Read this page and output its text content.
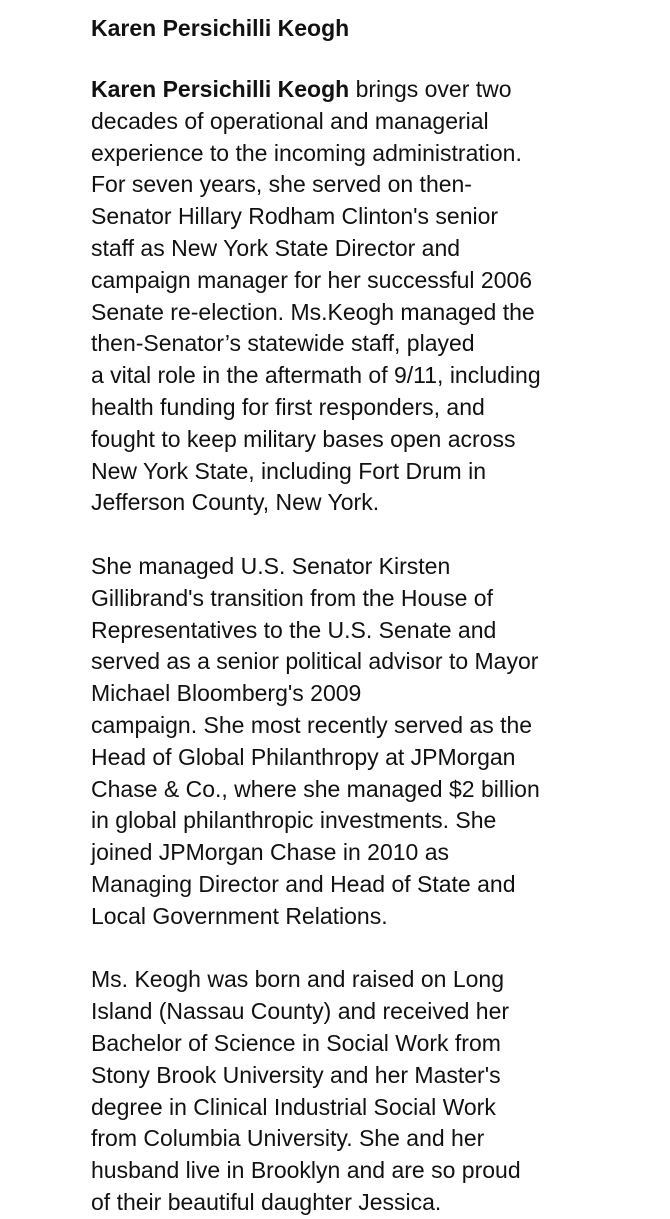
Karen Persichilli Keogh
Karen Persichilli Keogh brings over two
decades of operational and managerial
experience to the incoming administration.
For seven years, she served on then-
Senator Hillary Rodham Clinton's senior
staff as New York State Director and
campaign manager for her successful 2006
Senate re-election. Ms.Keogh managed the
then-Senator’s statewide staff, played
a vital role in the aftermath of 9/11, including
health funding for first responders, and
fought to keep military bases open across
New York State, including Fort Drum in
Jefferson County, New York.
She managed U.S. Senator Kirsten
Gillibrand's transition from the House of
Representatives to the U.S. Senate and
served as a senior political advisor to Mayor
Michael Bloomberg's 2009
campaign. She most recently served as the
Head of Global Philanthropy at JPMorgan
Chase & Co., where she managed $2 billion
in global philanthropic investments. She
joined JPMorgan Chase in 2010 as
Managing Director and Head of State and
Local Government Relations.
Ms. Keogh was born and raised on Long
Island (Nassau County) and received her
Bachelor of Science in Social Work from
Stony Brook University and her Master's
degree in Clinical Industrial Social Work
from Columbia University. She and her
husband live in Brooklyn and are so proud
of their beautiful daughter Jessica.
